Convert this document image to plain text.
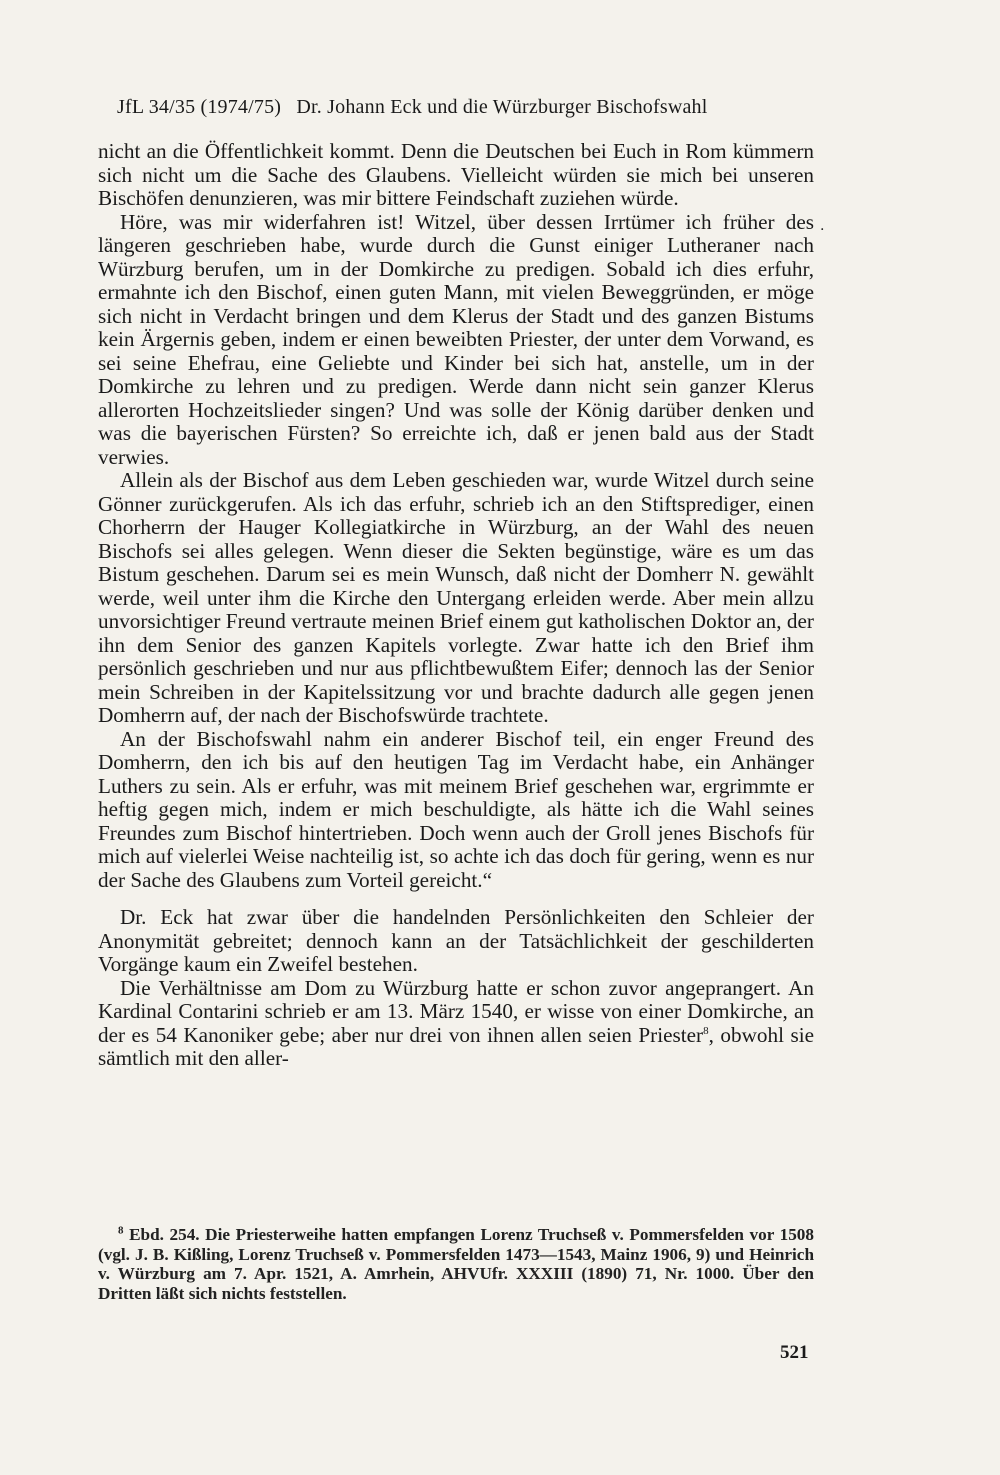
JfL 34/35 (1974/75) Dr. Johann Eck und die Würzburger Bischofswahl

nicht an die Öffentlichkeit kommt. Denn die Deutschen bei Euch in Rom kümmern sich nicht um die Sache des Glaubens. Vielleicht würden sie mich bei unseren Bischöfen denunzieren, was mir bittere Feindschaft zuziehen würde.

Höre, was mir widerfahren ist! Witzel, über dessen Irrtümer ich früher des längeren geschrieben habe, wurde durch die Gunst einiger Lutheraner nach Würzburg berufen, um in der Domkirche zu predigen. Sobald ich dies erfuhr, ermahnte ich den Bischof, einen guten Mann, mit vielen Beweggründen, er möge sich nicht in Verdacht bringen und dem Klerus der Stadt und des ganzen Bistums kein Ärgernis geben, indem er einen beweibten Priester, der unter dem Vorwand, es sei seine Ehefrau, eine Geliebte und Kinder bei sich hat, anstelle, um in der Domkirche zu lehren und zu predigen. Werde dann nicht sein ganzer Klerus allerorten Hochzeitslieder singen? Und was solle der König darüber denken und was die bayerischen Fürsten? So erreichte ich, daß er jenen bald aus der Stadt verwies.

Allein als der Bischof aus dem Leben geschieden war, wurde Witzel durch seine Gönner zurückgerufen. Als ich das erfuhr, schrieb ich an den Stiftsprediger, einen Chorherrn der Hauger Kollegiatkirche in Würzburg, an der Wahl des neuen Bischofs sei alles gelegen. Wenn dieser die Sekten begünstige, wäre es um das Bistum geschehen. Darum sei es mein Wunsch, daß nicht der Domherr N. gewählt werde, weil unter ihm die Kirche den Untergang erleiden werde. Aber mein allzu unvorsichtiger Freund vertraute meinen Brief einem gut katholischen Doktor an, der ihn dem Senior des ganzen Kapitels vorlegte. Zwar hatte ich den Brief ihm persönlich geschrieben und nur aus pflichtbewußtem Eifer; dennoch las der Senior mein Schreiben in der Kapitelssitzung vor und brachte dadurch alle gegen jenen Domherrn auf, der nach der Bischofswürde trachtete.

An der Bischofswahl nahm ein anderer Bischof teil, ein enger Freund des Domherrn, den ich bis auf den heutigen Tag im Verdacht habe, ein Anhänger Luthers zu sein. Als er erfuhr, was mit meinem Brief geschehen war, ergrimmte er heftig gegen mich, indem er mich beschuldigte, als hätte ich die Wahl seines Freundes zum Bischof hintertrieben. Doch wenn auch der Groll jenes Bischofs für mich auf vielerlei Weise nachteilig ist, so achte ich das doch für gering, wenn es nur der Sache des Glaubens zum Vorteil gereicht.“

Dr. Eck hat zwar über die handelnden Persönlichkeiten den Schleier der Anonymität gebreitet; dennoch kann an der Tatsächlichkeit der geschilderten Vorgänge kaum ein Zweifel bestehen.

Die Verhältnisse am Dom zu Würzburg hatte er schon zuvor angeprangert. An Kardinal Contarini schrieb er am 13. März 1540, er wisse von einer Domkirche, an der es 54 Kanoniker gebe; aber nur drei von ihnen allen seien Priester$^8$, obwohl sie sämtlich mit den aller-

.

$^8$ Ebd. 254. Die Priesterweihe hatten empfangen Lorenz Truchseß v. Pommersfelden vor 1508 (vgl. J. B. Kißling, Lorenz Truchseß v. Pommersfelden 1473—1543, Mainz 1906, 9) und Heinrich v. Würzburg am 7. Apr. 1521, A. Amrhein, AHVUfr. XXXIII (1890) 71, Nr. 1000. Über den Dritten läßt sich nichts feststellen.

521
